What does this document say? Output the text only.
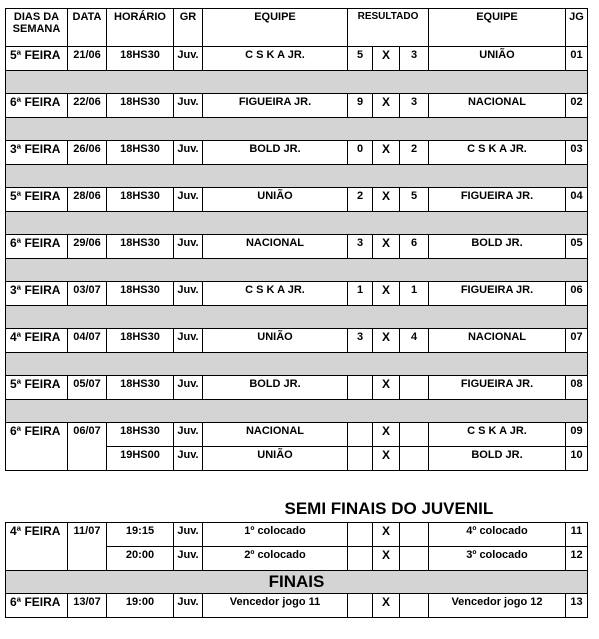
DIAS DA SEMANA	DATA	HORÁRIO	GR	EQUIPE	RESULTADO			EQUIPE	JG
5ª FEIRA	21/06	18HS30	Juv.	C S K A JR.	5	X	3	UNIÃO	01

6ª FEIRA	22/06	18HS30	Juv.	FIGUEIRA JR.	9	X	3	NACIONAL	02

3ª FEIRA	26/06	18HS30	Juv.	BOLD JR.	0	X	2	C S K A JR.	03

5ª FEIRA	28/06	18HS30	Juv.	UNIÃO	2	X	5	FIGUEIRA JR.	04

6ª FEIRA	29/06	18HS30	Juv.	NACIONAL	3	X	6	BOLD JR.	05

3ª FEIRA	03/07	18HS30	Juv.	C S K A JR.	1	X	1	FIGUEIRA JR.	06

4ª FEIRA	04/07	18HS30	Juv.	UNIÃO	3	X	4	NACIONAL	07

5ª FEIRA	05/07	18HS30	Juv.	BOLD JR.		X		FIGUEIRA JR.	08

6ª FEIRA	06/07	18HS30	Juv.	NACIONAL		X		C S K A JR.	09
		19HS00	Juv.	UNIÃO		X		BOLD JR.	10
				SEMI FINAIS DO JUVENIL					
4ª FEIRA	11/07	19:15	Juv.	1º colocado		X		4º colocado	11
		20:00	Juv.	2º colocado		X		3º colocado	12
FINAIS									
6ª FEIRA	13/07	19:00	Juv.	Vencedor jogo 11		X		Vencedor jogo 12	13
